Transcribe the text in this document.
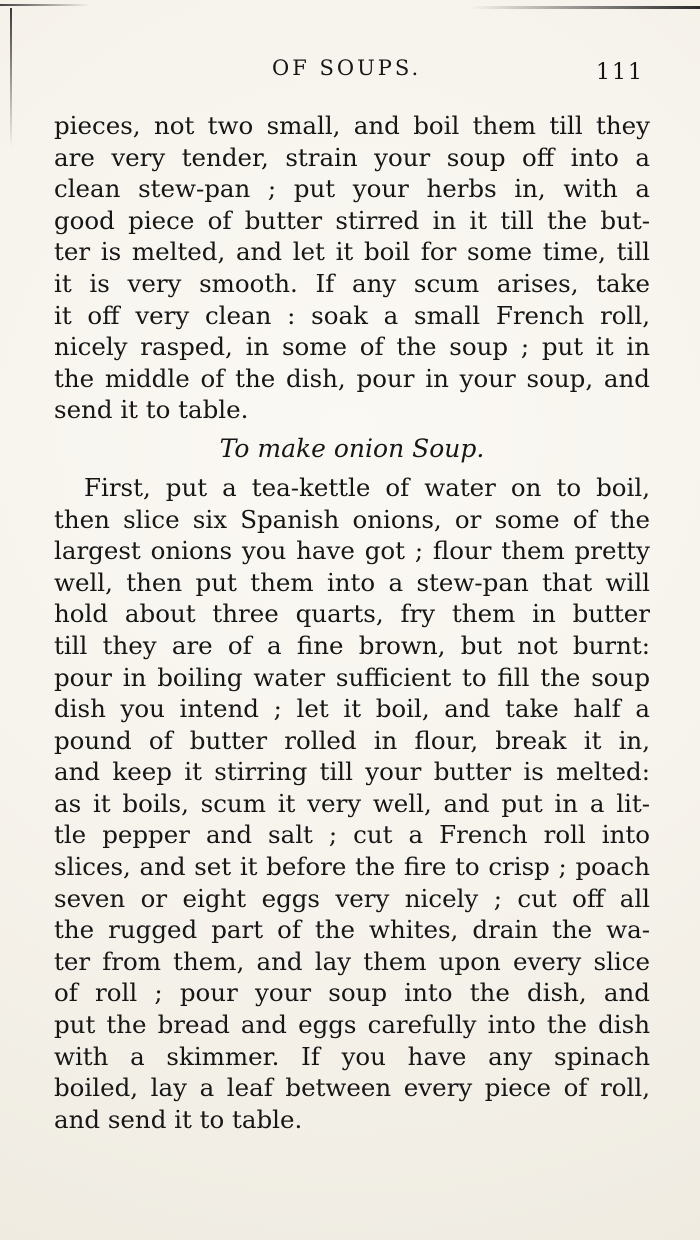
OF SOUPS.	111
pieces, not two small, and boil them till they
are very tender, strain your soup off into a
clean stew-pan ; put your herbs in, with a
good piece of butter stirred in it till the but-
ter is melted, and let it boil for some time, till
it is very smooth. If any scum arises, take
it off very clean : soak a small French roll,
nicely rasped, in some of the soup ; put it in
the middle of the dish, pour in your soup, and
send it to table.
To make onion Soup.
First, put a tea-kettle of water on to boil,
then slice six Spanish onions, or some of the
largest onions you have got ; flour them pretty
well, then put them into a stew-pan that will
hold about three quarts, fry them in butter
till they are of a fine brown, but not burnt:
pour in boiling water sufficient to fill the soup
dish you intend ; let it boil, and take half a
pound of butter rolled in flour, break it in,
and keep it stirring till your butter is melted:
as it boils, scum it very well, and put in a lit-
tle pepper and salt ; cut a French roll into
slices, and set it before the fire to crisp ; poach
seven or eight eggs very nicely ; cut off all
the rugged part of the whites, drain the wa-
ter from them, and lay them upon every slice
of roll ; pour your soup into the dish, and
put the bread and eggs carefully into the dish
with a skimmer. If you have any spinach
boiled, lay a leaf between every piece of roll,
and send it to table.
